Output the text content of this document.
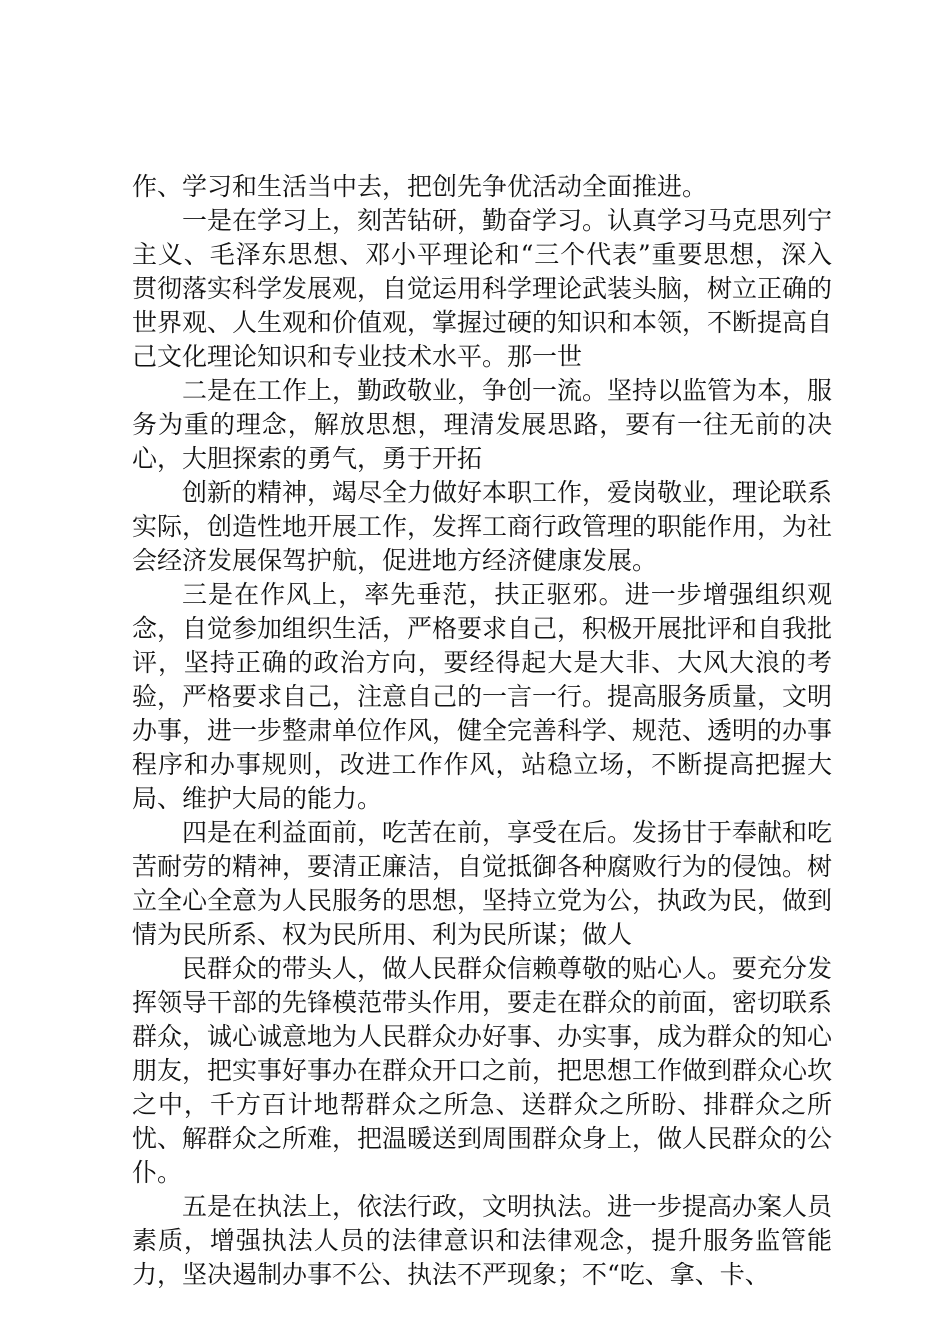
作、学习和生活当中去，把创先争优活动全面推进。

一是在学习上，刻苦钻研，勤奋学习。认真学习马克思列宁主义、毛泽东思想、邓小平理论和“三个代表”重要思想，深入贯彻落实科学发展观，自觉运用科学理论武装头脑，树立正确的世界观、人生观和价值观，掌握过硬的知识和本领，不断提高自己文化理论知识和专业技术水平。那一世

二是在工作上，勤政敬业，争创一流。坚持以监管为本，服务为重的理念，解放思想，理清发展思路，要有一往无前的决心，大胆探索的勇气，勇于开拓

创新的精神，竭尽全力做好本职工作，爱岗敬业，理论联系实际，创造性地开展工作，发挥工商行政管理的职能作用，为社会经济发展保驾护航，促进地方经济健康发展。

三是在作风上，率先垂范，扶正驱邪。进一步增强组织观念，自觉参加组织生活，严格要求自己，积极开展批评和自我批评，坚持正确的政治方向，要经得起大是大非、大风大浪的考验，严格要求自己，注意自己的一言一行。提高服务质量，文明办事，进一步整肃单位作风，健全完善科学、规范、透明的办事程序和办事规则，改进工作作风，站稳立场，不断提高把握大局、维护大局的能力。

四是在利益面前，吃苦在前，享受在后。发扬甘于奉献和吃苦耐劳的精神，要清正廉洁，自觉抵御各种腐败行为的侵蚀。树立全心全意为人民服务的思想，坚持立党为公，执政为民，做到情为民所系、权为民所用、利为民所谋；做人

民群众的带头人，做人民群众信赖尊敬的贴心人。要充分发挥领导干部的先锋模范带头作用，要走在群众的前面，密切联系群众，诚心诚意地为人民群众办好事、办实事，成为群众的知心朋友，把实事好事办在群众开口之前，把思想工作做到群众心坎之中，千方百计地帮群众之所急、送群众之所盼、排群众之所忧、解群众之所难，把温暖送到周围群众身上，做人民群众的公仆。

五是在执法上，依法行政，文明执法。进一步提高办案人员素质，增强执法人员的法律意识和法律观念，提升服务监管能力，坚决遏制办事不公、执法不严现象；不“吃、拿、卡、
